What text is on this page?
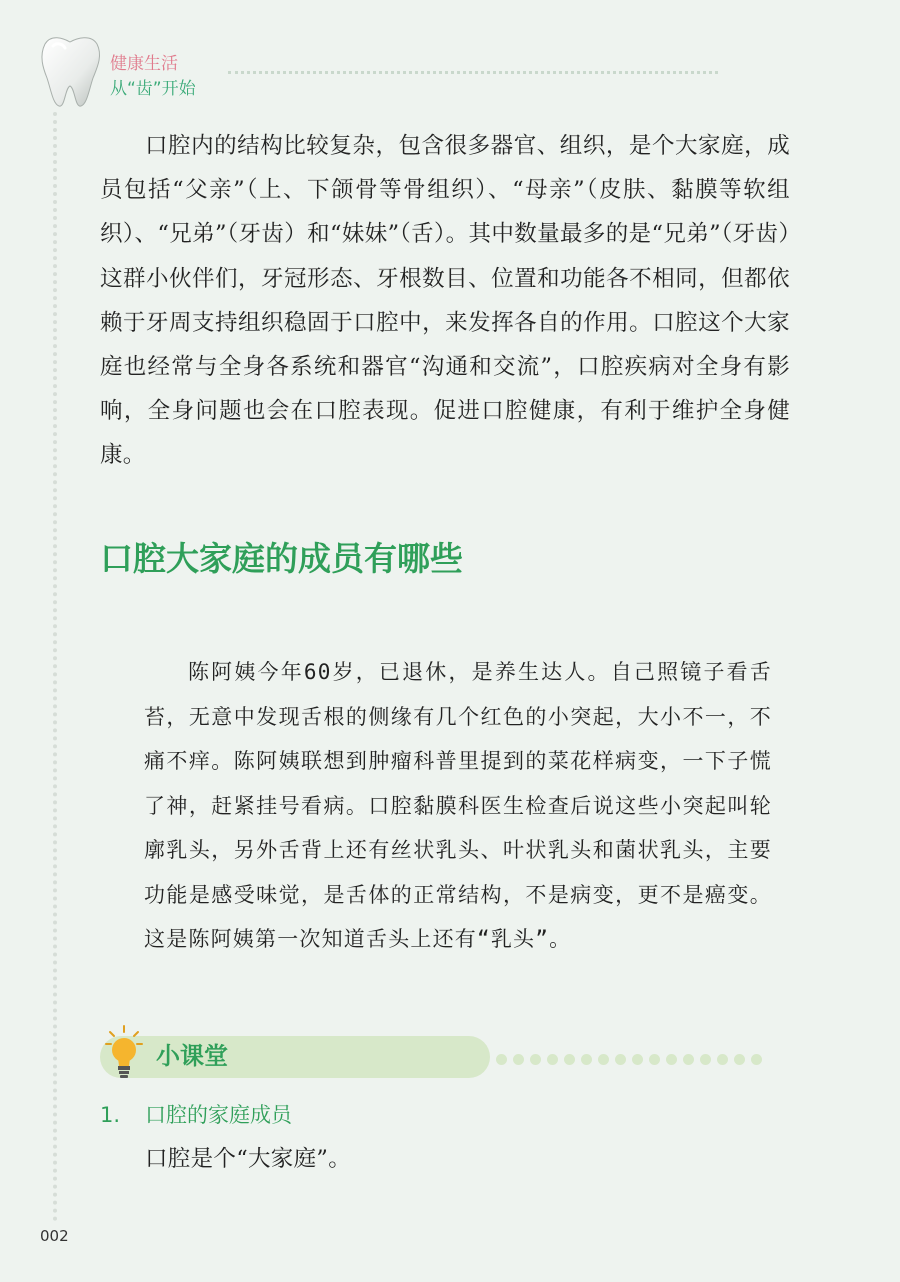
健康生活
从“齿”开始

口腔内的结构比较复杂，包含很多器官、组织，是个大家庭，成员包括“父亲”（上、下颌骨等骨组织）、“母亲”（皮肤、黏膜等软组织）、“兄弟”（牙齿）和“妹妹”（舌）。其中数量最多的是“兄弟”（牙齿）这群小伙伴们，牙冠形态、牙根数目、位置和功能各不相同，但都依赖于牙周支持组织稳固于口腔中，来发挥各自的作用。口腔这个大家庭也经常与全身各系统和器官“沟通和交流”，口腔疾病对全身有影响，全身问题也会在口腔表现。促进口腔健康，有利于维护全身健康。

口腔大家庭的成员有哪些

陈阿姨今年60岁，已退休，是养生达人。自己照镜子看舌苔，无意中发现舌根的侧缘有几个红色的小突起，大小不一，不痛不痒。陈阿姨联想到肿瘤科普里提到的菜花样病变，一下子慌了神，赶紧挂号看病。口腔黏膜科医生检查后说这些小突起叫轮廓乳头，另外舌背上还有丝状乳头、叶状乳头和菌状乳头，主要功能是感受味觉，是舌体的正常结构，不是病变，更不是癌变。这是陈阿姨第一次知道舌头上还有“乳头”。

小课堂
1. 口腔的家庭成员

口腔是个“大家庭”。

002
